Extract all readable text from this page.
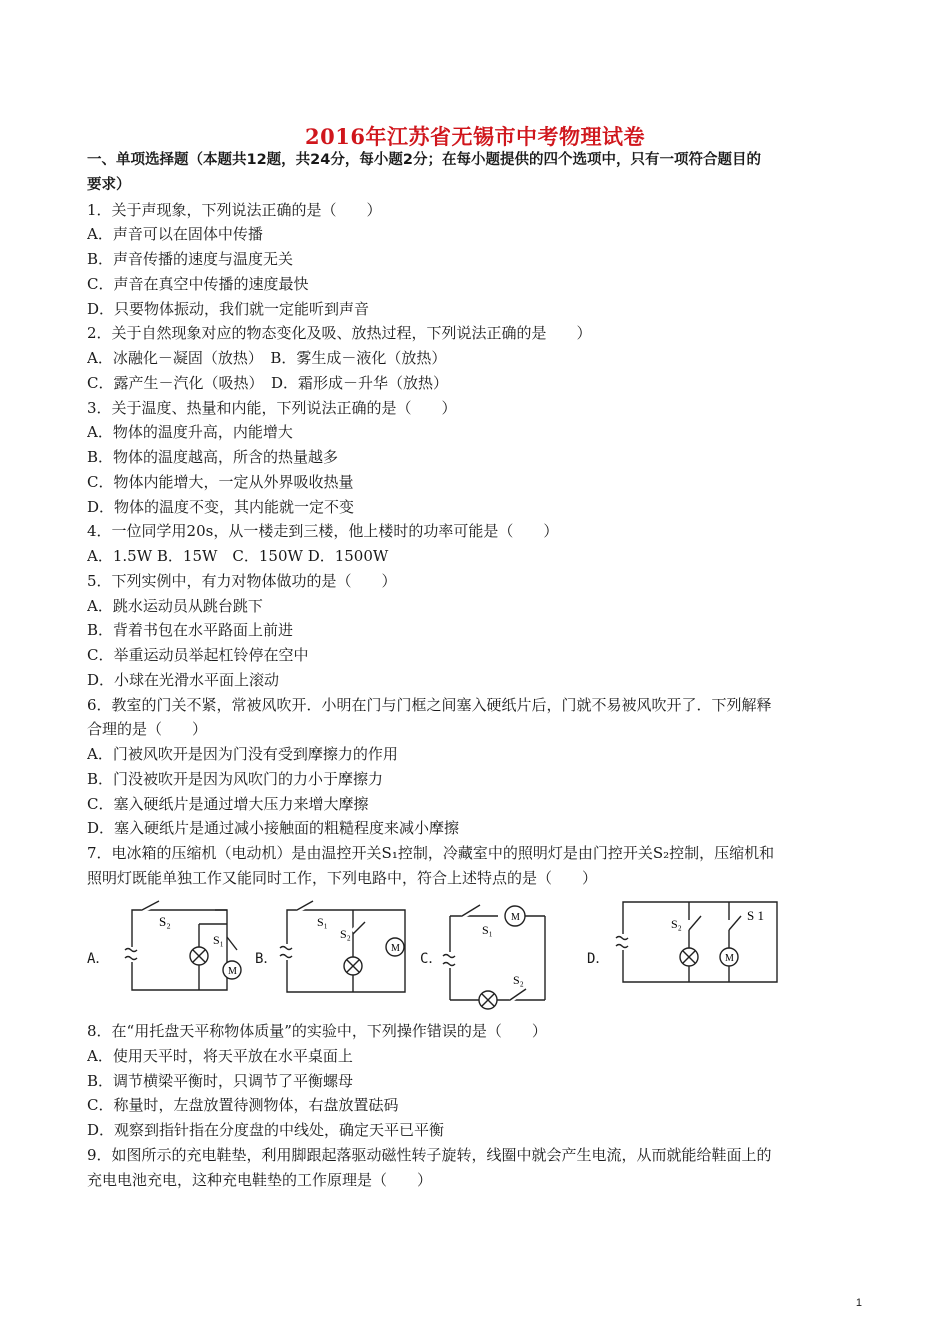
2016年江苏省无锡市中考物理试卷
一、单项选择题（本题共12题，共24分，每小题2分；在每小题提供的四个选项中，只有一项符合题目的
要求）
1．关于声现象，下列说法正确的是（　　）
A．声音可以在固体中传播
B．声音传播的速度与温度无关
C．声音在真空中传播的速度最快
D．只要物体振动，我们就一定能听到声音
2．关于自然现象对应的物态变化及吸、放热过程，下列说法正确的是　　）
A．冰融化－凝固（放热）　B．雾生成－液化（放热）
C．露产生－汽化（吸热）　D．霜形成－升华（放热）
3．关于温度、热量和内能，下列说法正确的是（　　）
A．物体的温度升高，内能增大
B．物体的温度越高，所含的热量越多
C．物体内能增大，一定从外界吸收热量
D．物体的温度不变，其内能就一定不变
4．一位同学用20s，从一楼走到三楼，他上楼时的功率可能是（　　）
A．1.5W B．15W　C．150W D．1500W
5．下列实例中，有力对物体做功的是（　　）
A．跳水运动员从跳台跳下
B．背着书包在水平路面上前进
C．举重运动员举起杠铃停在空中
D．小球在光滑水平面上滚动
6．教室的门关不紧，常被风吹开．小明在门与门框之间塞入硬纸片后，门就不易被风吹开了．下列解释
合理的是（　　）
A．门被风吹开是因为门没有受到摩擦力的作用
B．门没被吹开是因为风吹门的力小于摩擦力
C．塞入硬纸片是通过增大压力来增大摩擦
D．塞入硬纸片是通过减小接触面的粗糙程度来减小摩擦
7．电冰箱的压缩机（电动机）是由温控开关S₁控制，冷藏室中的照明灯是由门控开关S₂控制，压缩机和
照明灯既能单独工作又能同时工作，下列电路中，符合上述特点的是（　　）
A．
S₂
S₁
M
B．
S₁
S₂
M
C．
S₁
M
S₂
D．
S₂
S 1
M
8．在“用托盘天平称物体质量”的实验中，下列操作错误的是（　　）
A．使用天平时，将天平放在水平桌面上
B．调节横梁平衡时，只调节了平衡螺母
C．称量时，左盘放置待测物体，右盘放置砝码
D．观察到指针指在分度盘的中线处，确定天平已平衡
9．如图所示的充电鞋垫，利用脚跟起落驱动磁性转子旋转，线圈中就会产生电流，从而就能给鞋面上的
充电电池充电，这种充电鞋垫的工作原理是（　　）
1
